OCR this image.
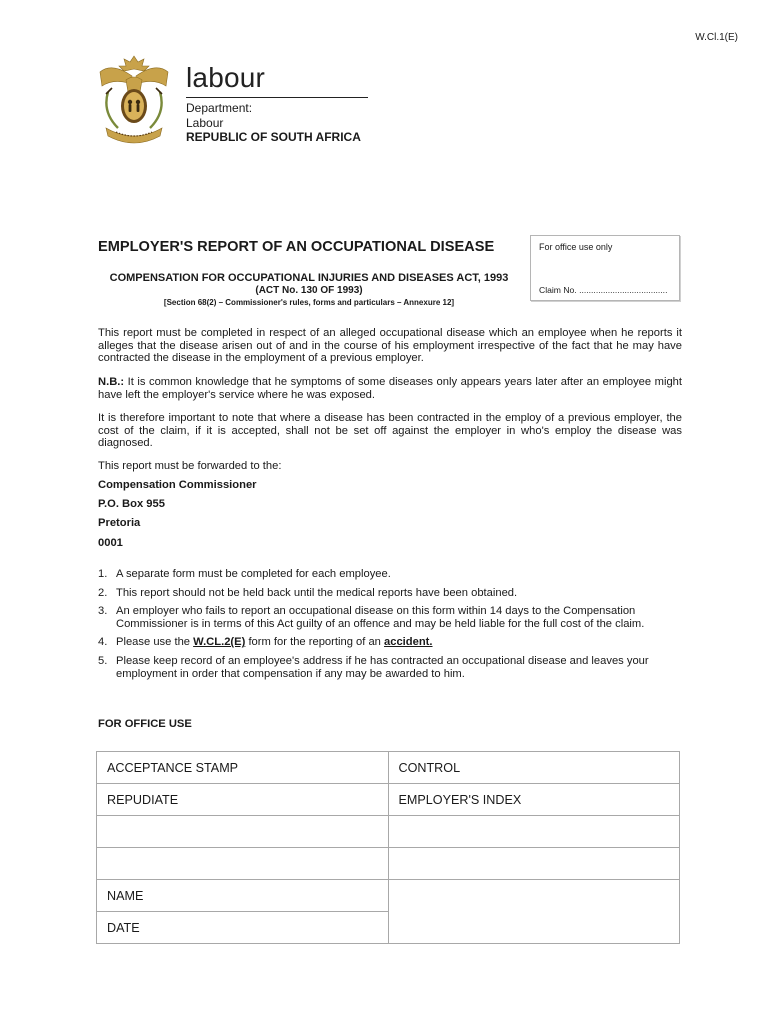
W.Cl.1(E)
labour
Department:
Labour
REPUBLIC OF SOUTH AFRICA
EMPLOYER'S REPORT OF AN OCCUPATIONAL DISEASE	For office use only
Claim No. .....................................
COMPENSATION FOR OCCUPATIONAL INJURIES AND DISEASES ACT, 1993
(ACT No. 130 OF 1993)
[Section 68(2) – Commissioner's rules, forms and particulars – Annexure 12]
This report must be completed in respect of an alleged occupational disease which an employee when he reports it alleges that the disease arisen out of and in the course of his employment irrespective of the fact that he may have contracted the disease in the employment of a previous employer.
N.B.: It is common knowledge that he symptoms of some diseases only appears years later after an employee might have left the employer's service where he was exposed.
It is therefore important to note that where a disease has been contracted in the employ of a previous employer, the cost of the claim, if it is accepted, shall not be set off against the employer in who's employ the disease was diagnosed.
This report must be forwarded to the:
Compensation Commissioner
P.O. Box 955
Pretoria
0001
1. A separate form must be completed for each employee.
2. This report should not be held back until the medical reports have been obtained.
3. An employer who fails to report an occupational disease on this form within 14 days to the Compensation Commissioner is in terms of this Act guilty of an offence and may be held liable for the full cost of the claim.
4. Please use the W.CL.2(E) form for the reporting of an accident.
5. Please keep record of an employee's address if he has contracted an occupational disease and leaves your employment in order that compensation if any may be awarded to him.
FOR OFFICE USE
ACCEPTANCE STAMP	CONTROL
REPUDIATE	EMPLOYER'S INDEX

NAME	
DATE	
